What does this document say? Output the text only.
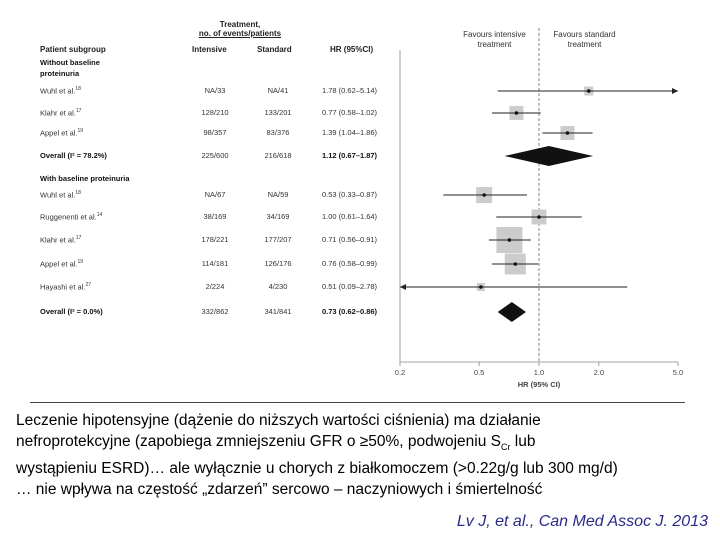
Treatment,
no. of events/patients
Patient subgroup	Intensive	Standard	HR (95%CI)
Favours intensive
treatment
Favours standard
treatment
Without baseline
proteinuria
With baseline proteinuria
Wuhl et al.$^{18}$	NA/33	NA/41	1.78 (0.62–5.14)
Klahr et al.$^{17}$	128/210	133/201	0.77 (0.58–1.02)
Appel et al.$^{19}$	98/357	83/376	1.39 (1.04–1.86)
Overall (I² = 78.2%)	225/600	216/618	1.12 (0.67–1.87)
Wuhl et al.$^{18}$	NA/67	NA/59	0.53 (0.33–0.87)
Ruggenenti et al.$^{14}$	38/169	34/169	1.00 (0.61–1.64)
Klahr et al.$^{17}$	178/221	177/207	0.71 (0.56–0.91)
Appel et al.$^{19}$	114/181	126/176	0.76 (0.58–0.99)
Hayashi et al.$^{27}$	2/224	4/230	0.51 (0.09–2.78)
Overall (I² = 0.0%)	332/862	341/841	0.73 (0.62–0.86)
0.2	0.5	1.0	2.0	5.0
HR (95% CI)
Leczenie hipotensyjne (dążenie do niższych wartości ciśnienia) ma działanie
nefroprotekcyjne (zapobiega zmniejszeniu GFR o ≥50%, podwojeniu $S_{Cr}$ lub
wystąpieniu ESRD)… ale wyłącznie u chorych z białkomoczem (>0.22g/g lub 300 mg/d)
… nie wpływa na częstość „zdarzeń” sercowo – naczyniowych i śmiertelność
Lv J, et al., Can Med Assoc J. 2013
